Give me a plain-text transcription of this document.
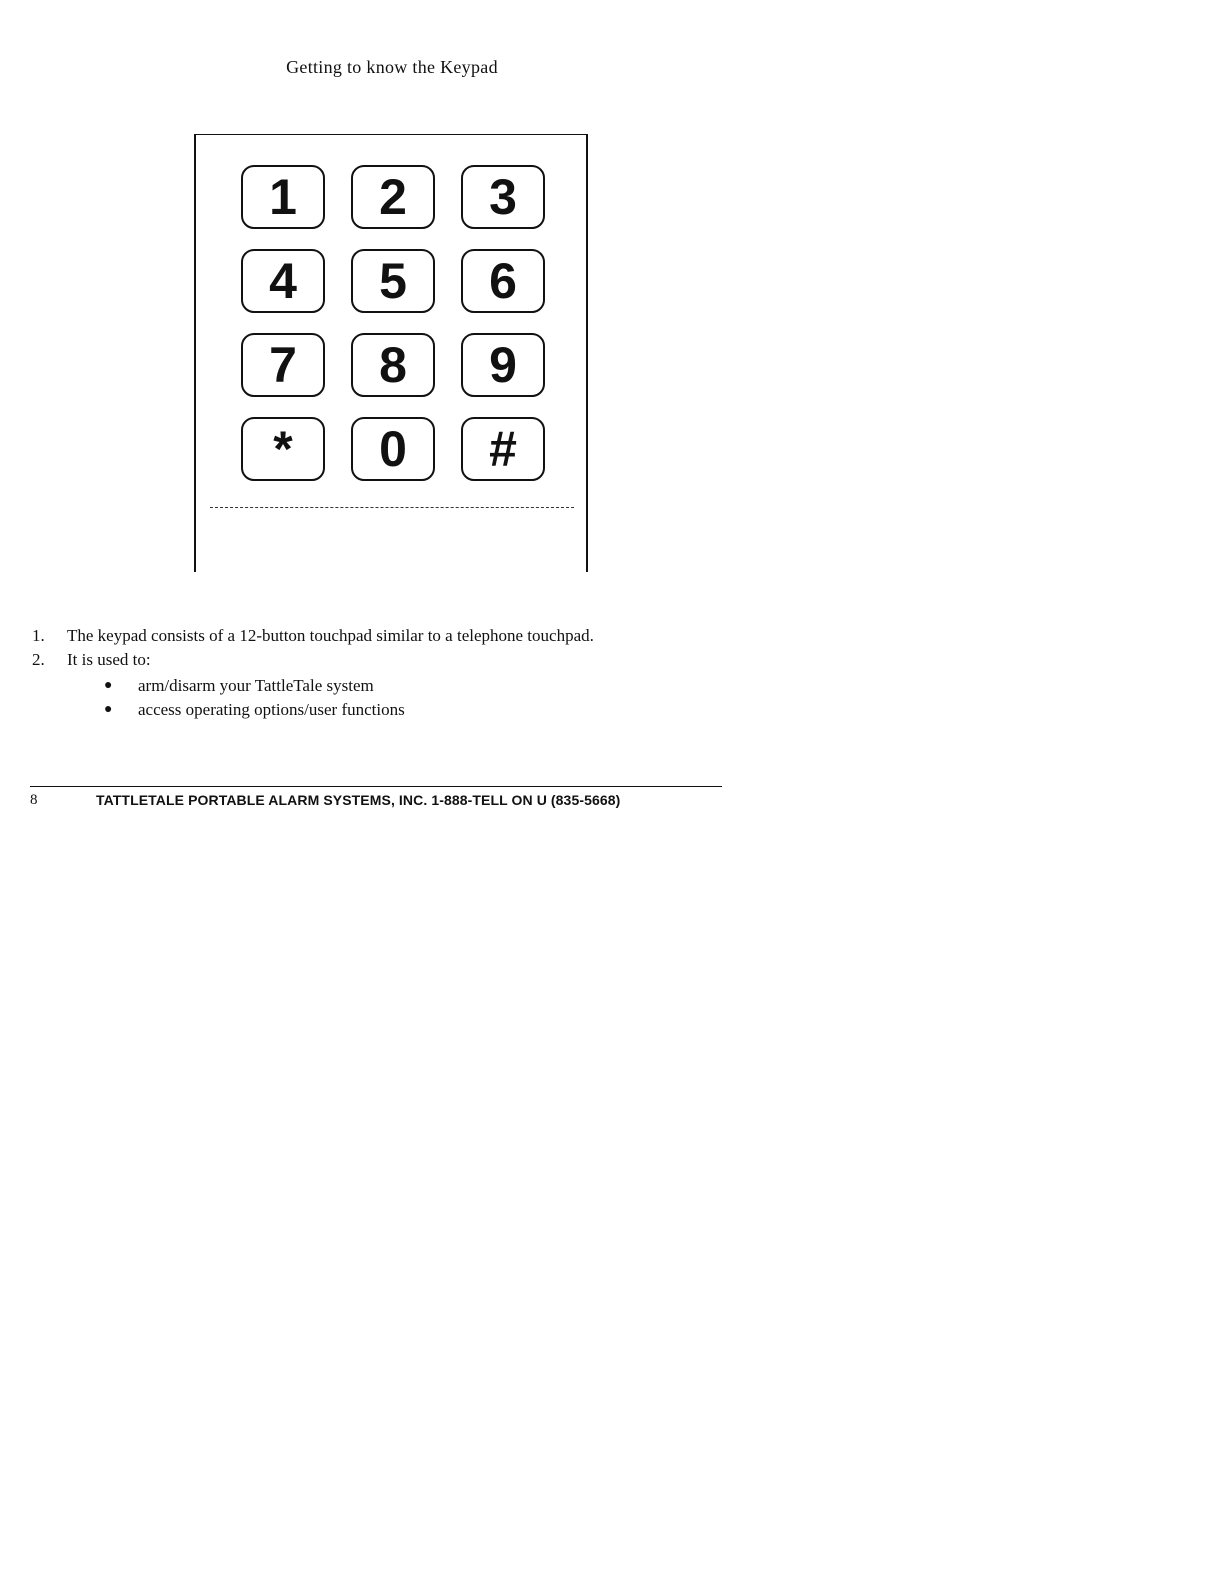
Getting to know the Keypad
1	2	3
4	5	6
7	8	9
*	0	#
1.	The keypad consists of a 12-button touchpad similar to a telephone touchpad.
2.	It is used to:
●	arm/disarm your TattleTale system
●	access operating options/user functions
8	TATTLETALE PORTABLE ALARM SYSTEMS, INC. 1-888-TELL ON U (835-5668)
